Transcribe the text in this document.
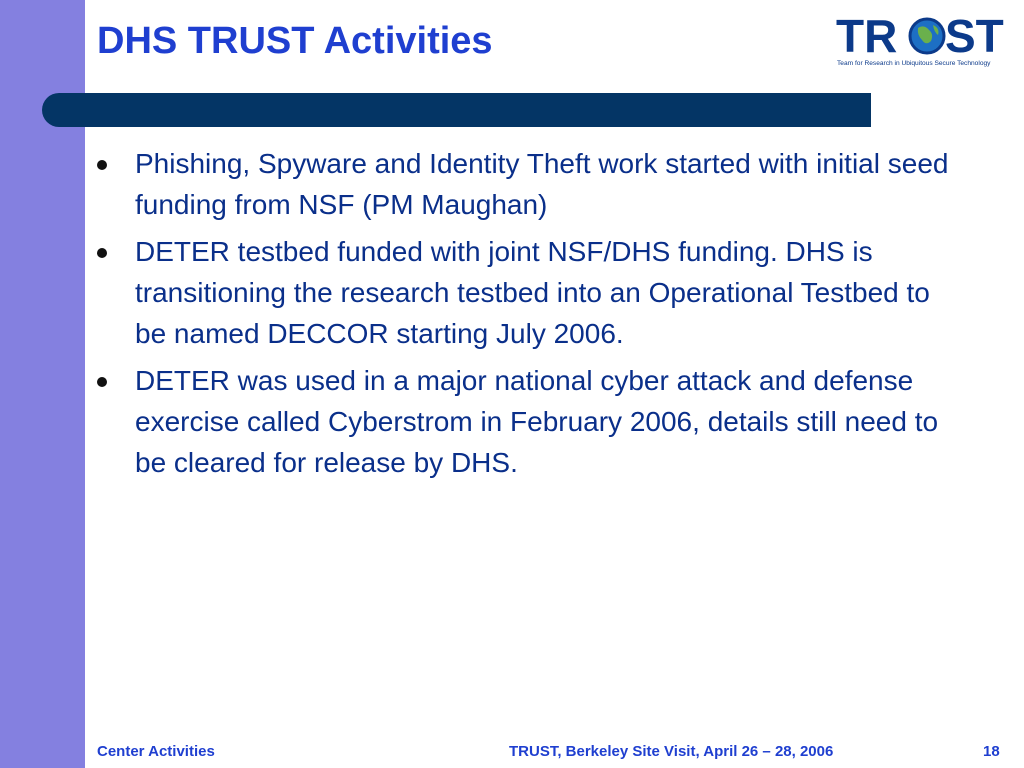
DHS TRUST Activities	TR ST
Team for Research in Ubiquitous Secure Technology
Phishing, Spyware and Identity Theft work started with initial seed funding from NSF (PM Maughan)
DETER testbed funded with joint NSF/DHS funding. DHS is transitioning the research testbed into an Operational Testbed to be named DECCOR starting July 2006.
DETER was used in a major national cyber attack and defense exercise called Cyberstrom in February 2006, details still need to be cleared for release by DHS.
Center Activities	TRUST, Berkeley Site Visit, April 26 – 28, 2006	18
